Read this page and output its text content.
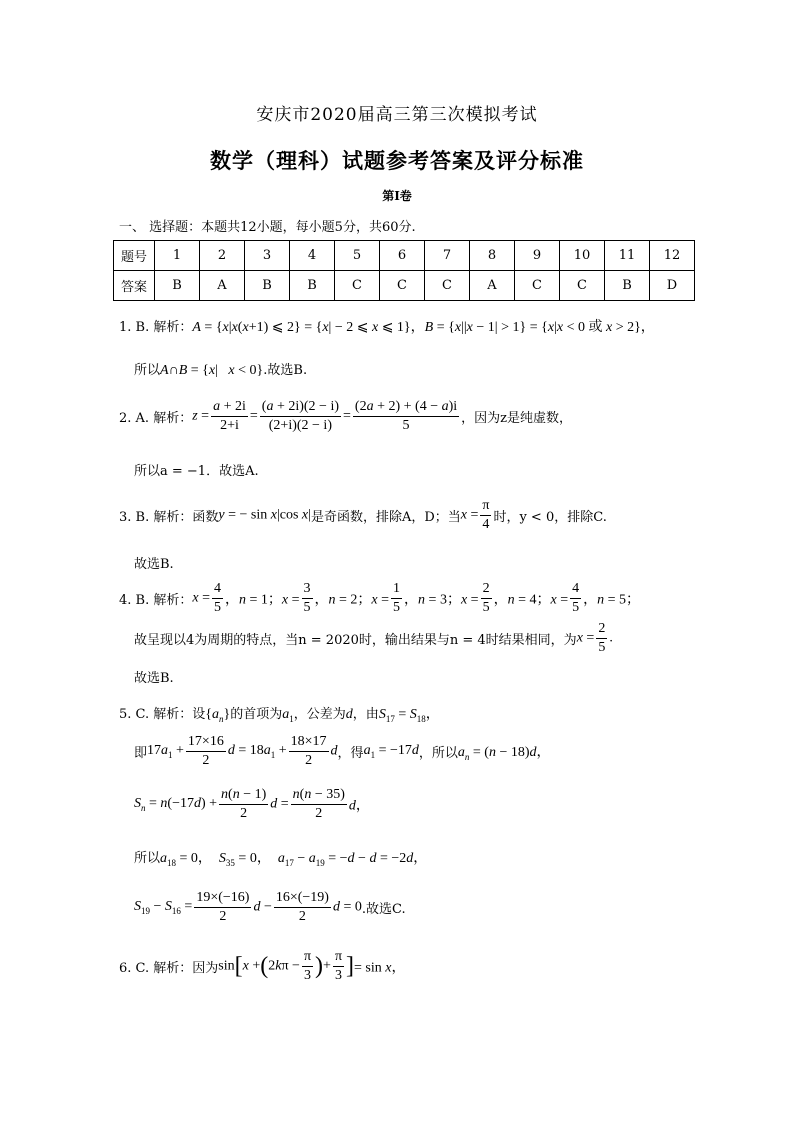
安庆市2020届高三第三次模拟考试
数学（理科）试题参考答案及评分标准
第Ⅰ卷
一、 选择题：本题共12小题，每小题5分，共60分.
题号	1	2	3	4	5	6	7	8	9	10	11	12
答案	B	A	B	B	C	C	C	A	C	C	B	D
1. B. 解析：A = {x|x(x+1) ⩽ 2} = {x| − 2 ⩽ x ⩽ 1}，B = {x||x − 1| > 1} = {x|x < 0 或 x > 2}，
所以A∩B = {x|   x < 0}.故选B.
2. A. 解析：$z = \frac{a + 2i}{2+i} = \frac{(a + 2i)(2 - i)}{(2+i)(2 - i)} = \frac{(2a + 2) + (4 - a)i}{5}$ ，因为z是纯虚数，
所以a = −1．故选A.
3. B. 解析：函数y = − sin x|cos x|是奇函数，排除A，D；当$x = \frac{\pi}{4}$ 时，y < 0，排除C.
故选B.
4. B. 解析：$x = \frac{4}{5}$ ，n = 1；$x = \frac{3}{5}$ ，n = 2；$x = \frac{1}{5}$ ，n = 3；$x = \frac{2}{5}$ ，n = 4；$x = \frac{4}{5}$ ，n = 5；
故呈现以4为周期的特点，当n = 2020时，输出结果与n = 4时结果相同，为$x = \frac{2}{5}$ .
故选B.
5. C. 解析：设$\{a_n\}$的首项为$a_1$，公差为d，由$S_{17} = S_{18}$，
即$17a_1 + \frac{17\times 16}{2}$ $d = 18a_1 + \frac{18\times 17}{2}$ d，得$a_1 = -17d$，所以$a_n = (n - 18)d$，
$S_n = n(-17d) + \frac{n(n - 1)}{2}$ $d = \frac{n(n - 35)}{2}$ d，
所以$a_{18} = 0$，  $S_{35} = 0$，  $a_{17} - a_{19} = -d - d = -2d$，
$S_{19} - S_{16} = \frac{19\times(-16)}{2}$ $d - \frac{16\times(-19)}{2}$ d = 0.故选C.
6. C. 解析：因为$\sin[x +(2k\pi - \frac{\pi}{3}$ )+ $\frac{\pi}{3}$ ]= sin x，
